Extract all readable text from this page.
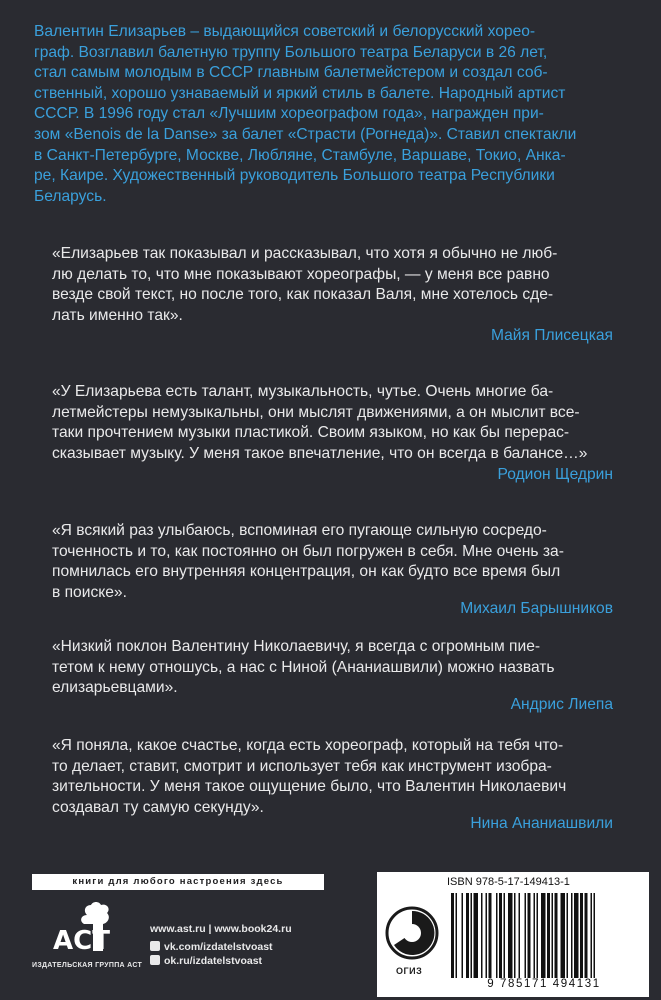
Валентин Елизарьев – выдающийся советский и белорусский хорео-
граф. Возглавил балетную труппу Большого театра Беларуси в 26 лет,
стал самым молодым в СССР главным балетмейстером и создал соб-
ственный, хорошо узнаваемый и яркий стиль в балете. Народный артист
СССР. В 1996 году стал «Лучшим хореографом года», награжден при-
зом «Benois de la Danse» за балет «Страсти (Рогнеда)». Ставил спектакли
в Санкт-Петербурге, Москве, Любляне, Стамбуле, Варшаве, Токио, Анка-
ре, Каире. Художественный руководитель Большого театра Республики
Беларусь.
«Елизарьев так показывал и рассказывал, что хотя я обычно не люб-
лю делать то, что мне показывают хореографы, — у меня все равно
везде свой текст, но после того, как показал Валя, мне хотелось сде-
лать именно так».
Майя Плисецкая
«У Елизарьева есть талант, музыкальность, чутье. Очень многие ба-
летмейстеры немузыкальны, они мыслят движениями, а он мыслит все-
таки прочтением музыки пластикой. Своим языком, но как бы перерас-
сказывает музыку. У меня такое впечатление, что он всегда в балансе…»
Родион Щедрин
«Я всякий раз улыбаюсь, вспоминая его пугающе сильную сосредо-
точенность и то, как постоянно он был погружен в себя. Мне очень за-
помнилась его внутренняя концентрация, он как будто все время был
в поиске».
Михаил Барышников
«Низкий поклон Валентину Николаевичу, я всегда с огромным пие-
тетом к нему отношусь, а нас с Ниной (Ананиашвили) можно назвать
елизарьевцами».
Андрис Лиепа
«Я поняла, какое счастье, когда есть хореограф, который на тебя что-
то делает, ставит, смотрит и использует тебя как инструмент изобра-
зительности. У меня такое ощущение было, что Валентин Николаевич
создавал ту самую секунду».
Нина Ананиашвили
книги для любого настроения здесь
АСТ
ИЗДАТЕЛЬСКАЯ ГРУППА АСТ
www.ast.ru | www.book24.ru
vk.com/izdatelstvoast
ok.ru/izdatelstvoast
ISBN 978-5-17-149413-1
ОГИЗ
9 785171 494131
